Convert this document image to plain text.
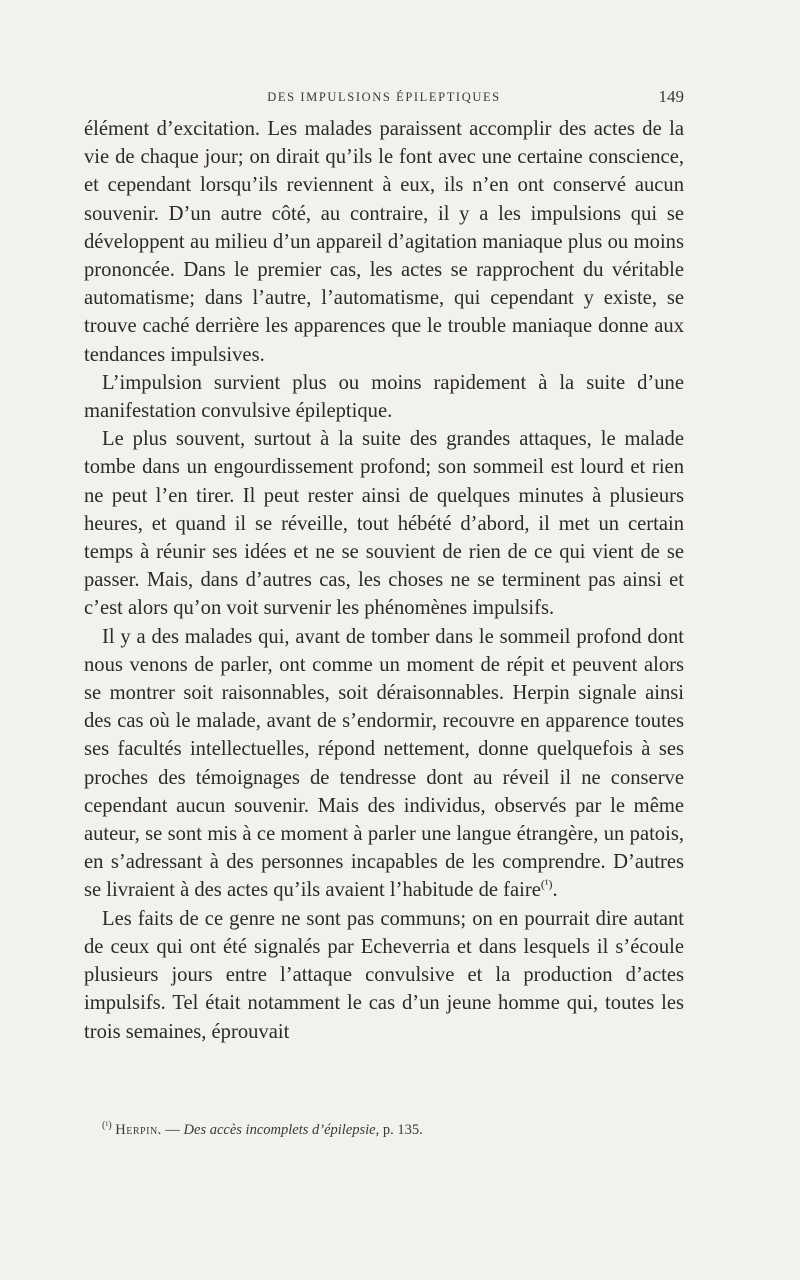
DES IMPULSIONS ÉPILEPTIQUES	149

élément d’excitation. Les malades paraissent accomplir des actes de la vie de chaque jour; on dirait qu’ils le font avec une certaine conscience, et cependant lorsqu’ils reviennent à eux, ils n’en ont conservé aucun souvenir. D’un autre côté, au contraire, il y a les impulsions qui se développent au milieu d’un appareil d’agitation maniaque plus ou moins prononcée. Dans le premier cas, les actes se rapprochent du véritable automatisme; dans l’autre, l’automatisme, qui cependant y existe, se trouve caché derrière les apparences que le trouble maniaque donne aux tendances impulsives.

L’impulsion survient plus ou moins rapidement à la suite d’une manifestation convulsive épileptique.

Le plus souvent, surtout à la suite des grandes attaques, le malade tombe dans un engourdissement profond; son sommeil est lourd et rien ne peut l’en tirer. Il peut rester ainsi de quelques minutes à plusieurs heures, et quand il se réveille, tout hébété d’abord, il met un certain temps à réunir ses idées et ne se souvient de rien de ce qui vient de se passer. Mais, dans d’autres cas, les choses ne se terminent pas ainsi et c’est alors qu’on voit survenir les phénomènes impulsifs.

Il y a des malades qui, avant de tomber dans le sommeil profond dont nous venons de parler, ont comme un moment de répit et peuvent alors se montrer soit raisonnables, soit déraisonnables. Herpin signale ainsi des cas où le malade, avant de s’endormir, recouvre en apparence toutes ses facultés intellectuelles, répond nettement, donne quelquefois à ses proches des témoignages de tendresse dont au réveil il ne conserve cependant aucun souvenir. Mais des individus, observés par le même auteur, se sont mis à ce moment à parler une langue étrangère, un patois, en s’adressant à des personnes incapables de les comprendre. D’autres se livraient à des actes qu’ils avaient l’habitude de faire$^{(^1)}$.

Les faits de ce genre ne sont pas communs; on en pourrait dire autant de ceux qui ont été signalés par Echeverria et dans lesquels il s’écoule plusieurs jours entre l’attaque convulsive et la production d’actes impulsifs. Tel était notamment le cas d’un jeune homme qui, toutes les trois semaines, éprouvait

$^{(^1)}$ Herpin. — Des accès incomplets d’épilepsie, p. 135.
